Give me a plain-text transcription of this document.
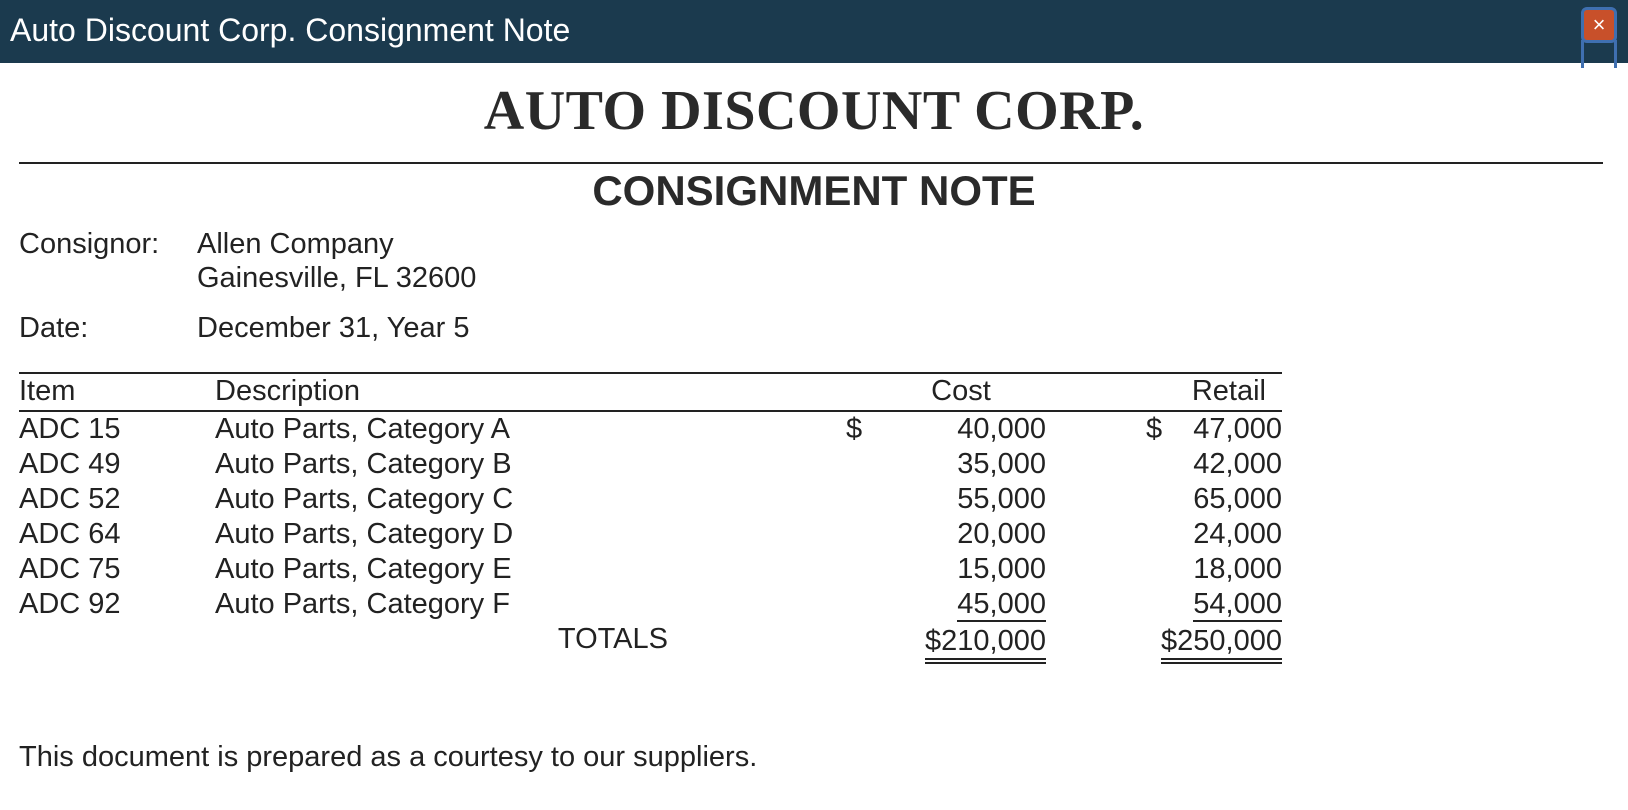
Auto Discount Corp. Consignment Note	×
AUTO DISCOUNT CORP.
CONSIGNMENT NOTE
Consignor: Allen Company
Gainesville, FL 32600
Date:	December 31, Year 5
Item	Description	Cost		Retail
ADC 15	Auto Parts, Category A	$ 40,000		$ 47,000
ADC 49	Auto Parts, Category B	35,000		42,000
ADC 52	Auto Parts, Category C	55,000		65,000
ADC 64	Auto Parts, Category D	20,000		24,000
ADC 75	Auto Parts, Category E	15,000		18,000
ADC 92	Auto Parts, Category F	45,000		54,000
	TOTALS	$210,000		$250,000
This document is prepared as a courtesy to our suppliers.
